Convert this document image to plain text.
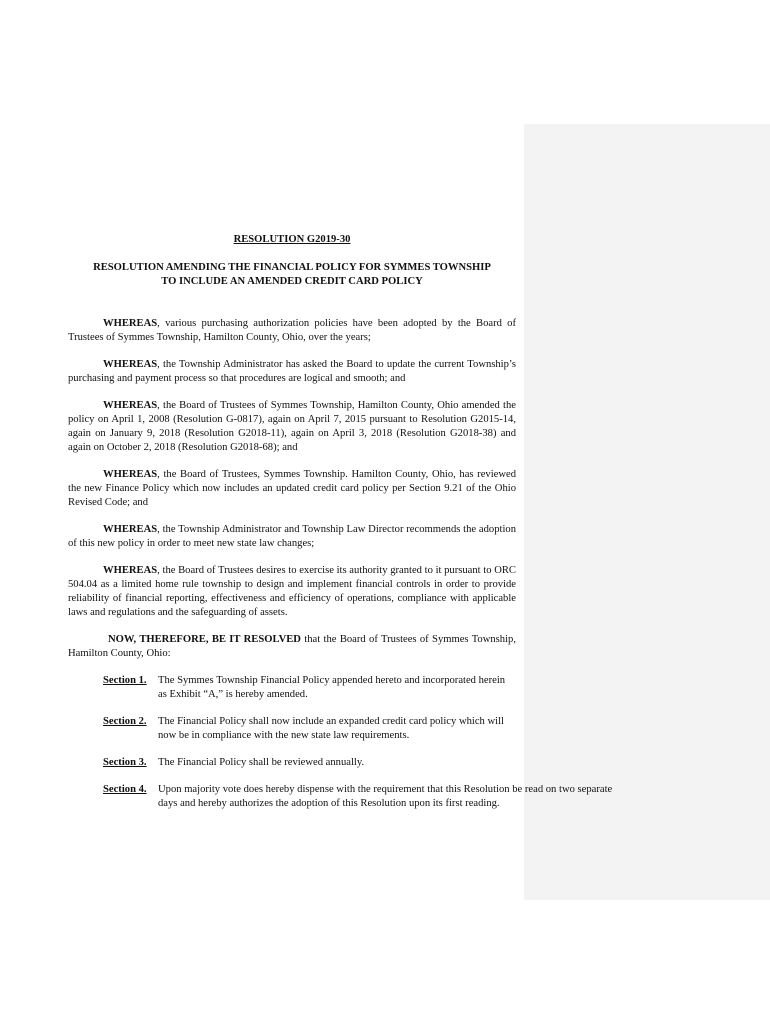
RESOLUTION G2019-30
RESOLUTION AMENDING THE FINANCIAL POLICY FOR SYMMES TOWNSHIP
TO INCLUDE AN AMENDED CREDIT CARD POLICY

WHEREAS, various purchasing authorization policies have been adopted by the Board of Trustees of Symmes Township, Hamilton County, Ohio, over the years;

WHEREAS, the Township Administrator has asked the Board to update the current Township’s purchasing and payment process so that procedures are logical and smooth; and

WHEREAS, the Board of Trustees of Symmes Township, Hamilton County, Ohio amended the policy on April 1, 2008 (Resolution G-0817), again on April 7, 2015 pursuant to Resolution G2015-14, again on January 9, 2018 (Resolution G2018-11), again on April 3, 2018 (Resolution G2018-38) and again on October 2, 2018 (Resolution G2018-68); and

WHEREAS, the Board of Trustees, Symmes Township. Hamilton County, Ohio, has reviewed the new Finance Policy which now includes an updated credit card policy per Section 9.21 of the Ohio Revised Code; and

WHEREAS, the Township Administrator and Township Law Director recommends the adoption of this new policy in order to meet new state law changes;

WHEREAS, the Board of Trustees desires to exercise its authority granted to it pursuant to ORC 504.04 as a limited home rule township to design and implement financial controls in order to provide reliability of financial reporting, effectiveness and efficiency of operations, compliance with applicable laws and regulations and the safeguarding of assets.

NOW, THEREFORE, BE IT RESOLVED that the Board of Trustees of Symmes Township, Hamilton County, Ohio:

Section 1. The Symmes Township Financial Policy appended hereto and incorporated herein as Exhibit “A,” is hereby amended.
Section 2. The Financial Policy shall now include an expanded credit card policy which will now be in compliance with the new state law requirements.
Section 3. The Financial Policy shall be reviewed annually.
Section 4. Upon majority vote does hereby dispense with the requirement that this Resolution be read on two separate days and hereby authorizes the adoption of this Resolution upon its first reading.
